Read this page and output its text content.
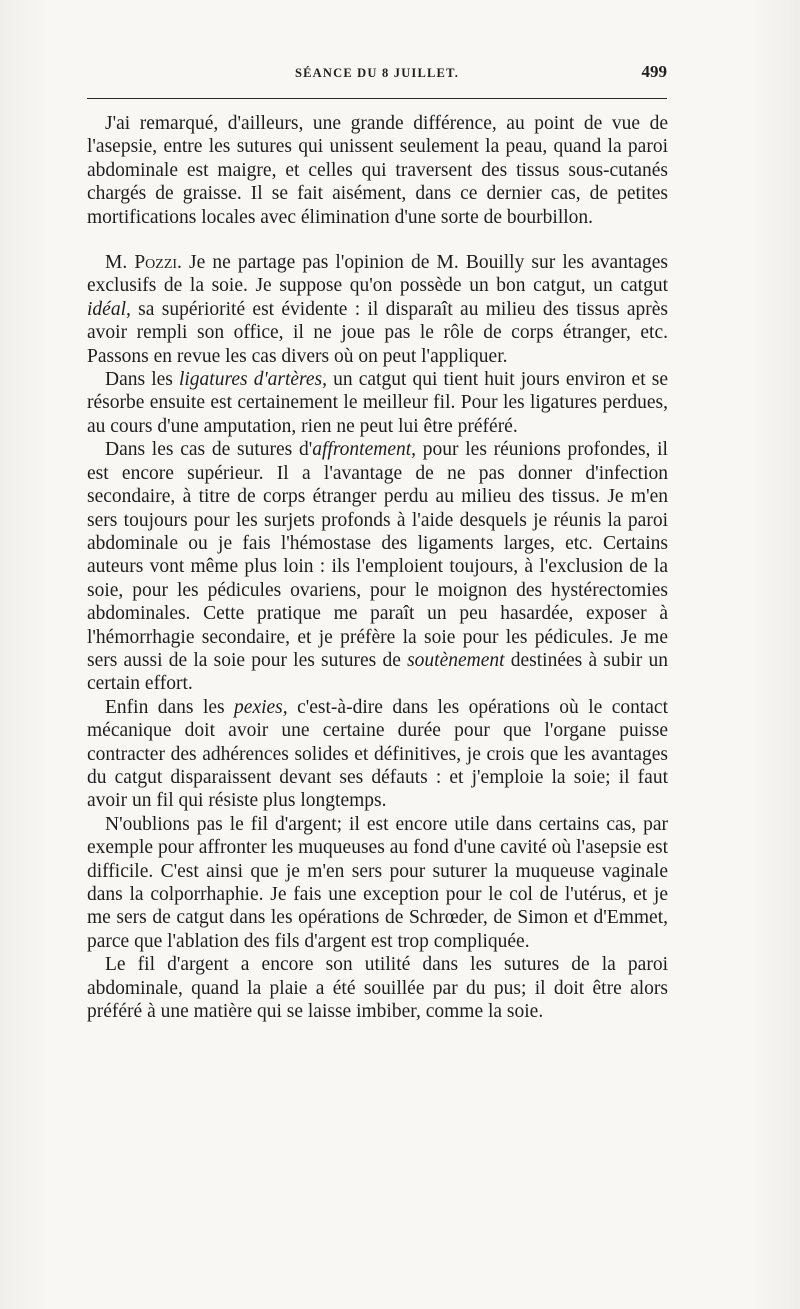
SÉANCE DU 8 JUILLET.	499

J'ai remarqué, d'ailleurs, une grande différence, au point de vue de l'asepsie, entre les sutures qui unissent seulement la peau, quand la paroi abdominale est maigre, et celles qui traversent des tissus sous-cutanés chargés de graisse. Il se fait aisément, dans ce dernier cas, de petites mortifications locales avec élimination d'une sorte de bourbillon.

M. Pozzi. Je ne partage pas l'opinion de M. Bouilly sur les avantages exclusifs de la soie. Je suppose qu'on possède un bon catgut, un catgut idéal, sa supériorité est évidente : il disparaît au milieu des tissus après avoir rempli son office, il ne joue pas le rôle de corps étranger, etc. Passons en revue les cas divers où on peut l'appliquer.

Dans les ligatures d'artères, un catgut qui tient huit jours environ et se résorbe ensuite est certainement le meilleur fil. Pour les ligatures perdues, au cours d'une amputation, rien ne peut lui être préféré.

Dans les cas de sutures d'affrontement, pour les réunions profondes, il est encore supérieur. Il a l'avantage de ne pas donner d'infection secondaire, à titre de corps étranger perdu au milieu des tissus. Je m'en sers toujours pour les surjets profonds à l'aide desquels je réunis la paroi abdominale ou je fais l'hémostase des ligaments larges, etc. Certains auteurs vont même plus loin : ils l'emploient toujours, à l'exclusion de la soie, pour les pédicules ovariens, pour le moignon des hystérectomies abdominales. Cette pratique me paraît un peu hasardée, exposer à l'hémorrhagie secondaire, et je préfère la soie pour les pédicules. Je me sers aussi de la soie pour les sutures de soutènement destinées à subir un certain effort.

Enfin dans les pexies, c'est-à-dire dans les opérations où le contact mécanique doit avoir une certaine durée pour que l'organe puisse contracter des adhérences solides et définitives, je crois que les avantages du catgut disparaissent devant ses défauts : et j'emploie la soie; il faut avoir un fil qui résiste plus longtemps.

N'oublions pas le fil d'argent; il est encore utile dans certains cas, par exemple pour affronter les muqueuses au fond d'une cavité où l'asepsie est difficile. C'est ainsi que je m'en sers pour suturer la muqueuse vaginale dans la colporrhaphie. Je fais une exception pour le col de l'utérus, et je me sers de catgut dans les opérations de Schrœder, de Simon et d'Emmet, parce que l'ablation des fils d'argent est trop compliquée.

Le fil d'argent a encore son utilité dans les sutures de la paroi abdominale, quand la plaie a été souillée par du pus; il doit être alors préféré à une matière qui se laisse imbiber, comme la soie.
